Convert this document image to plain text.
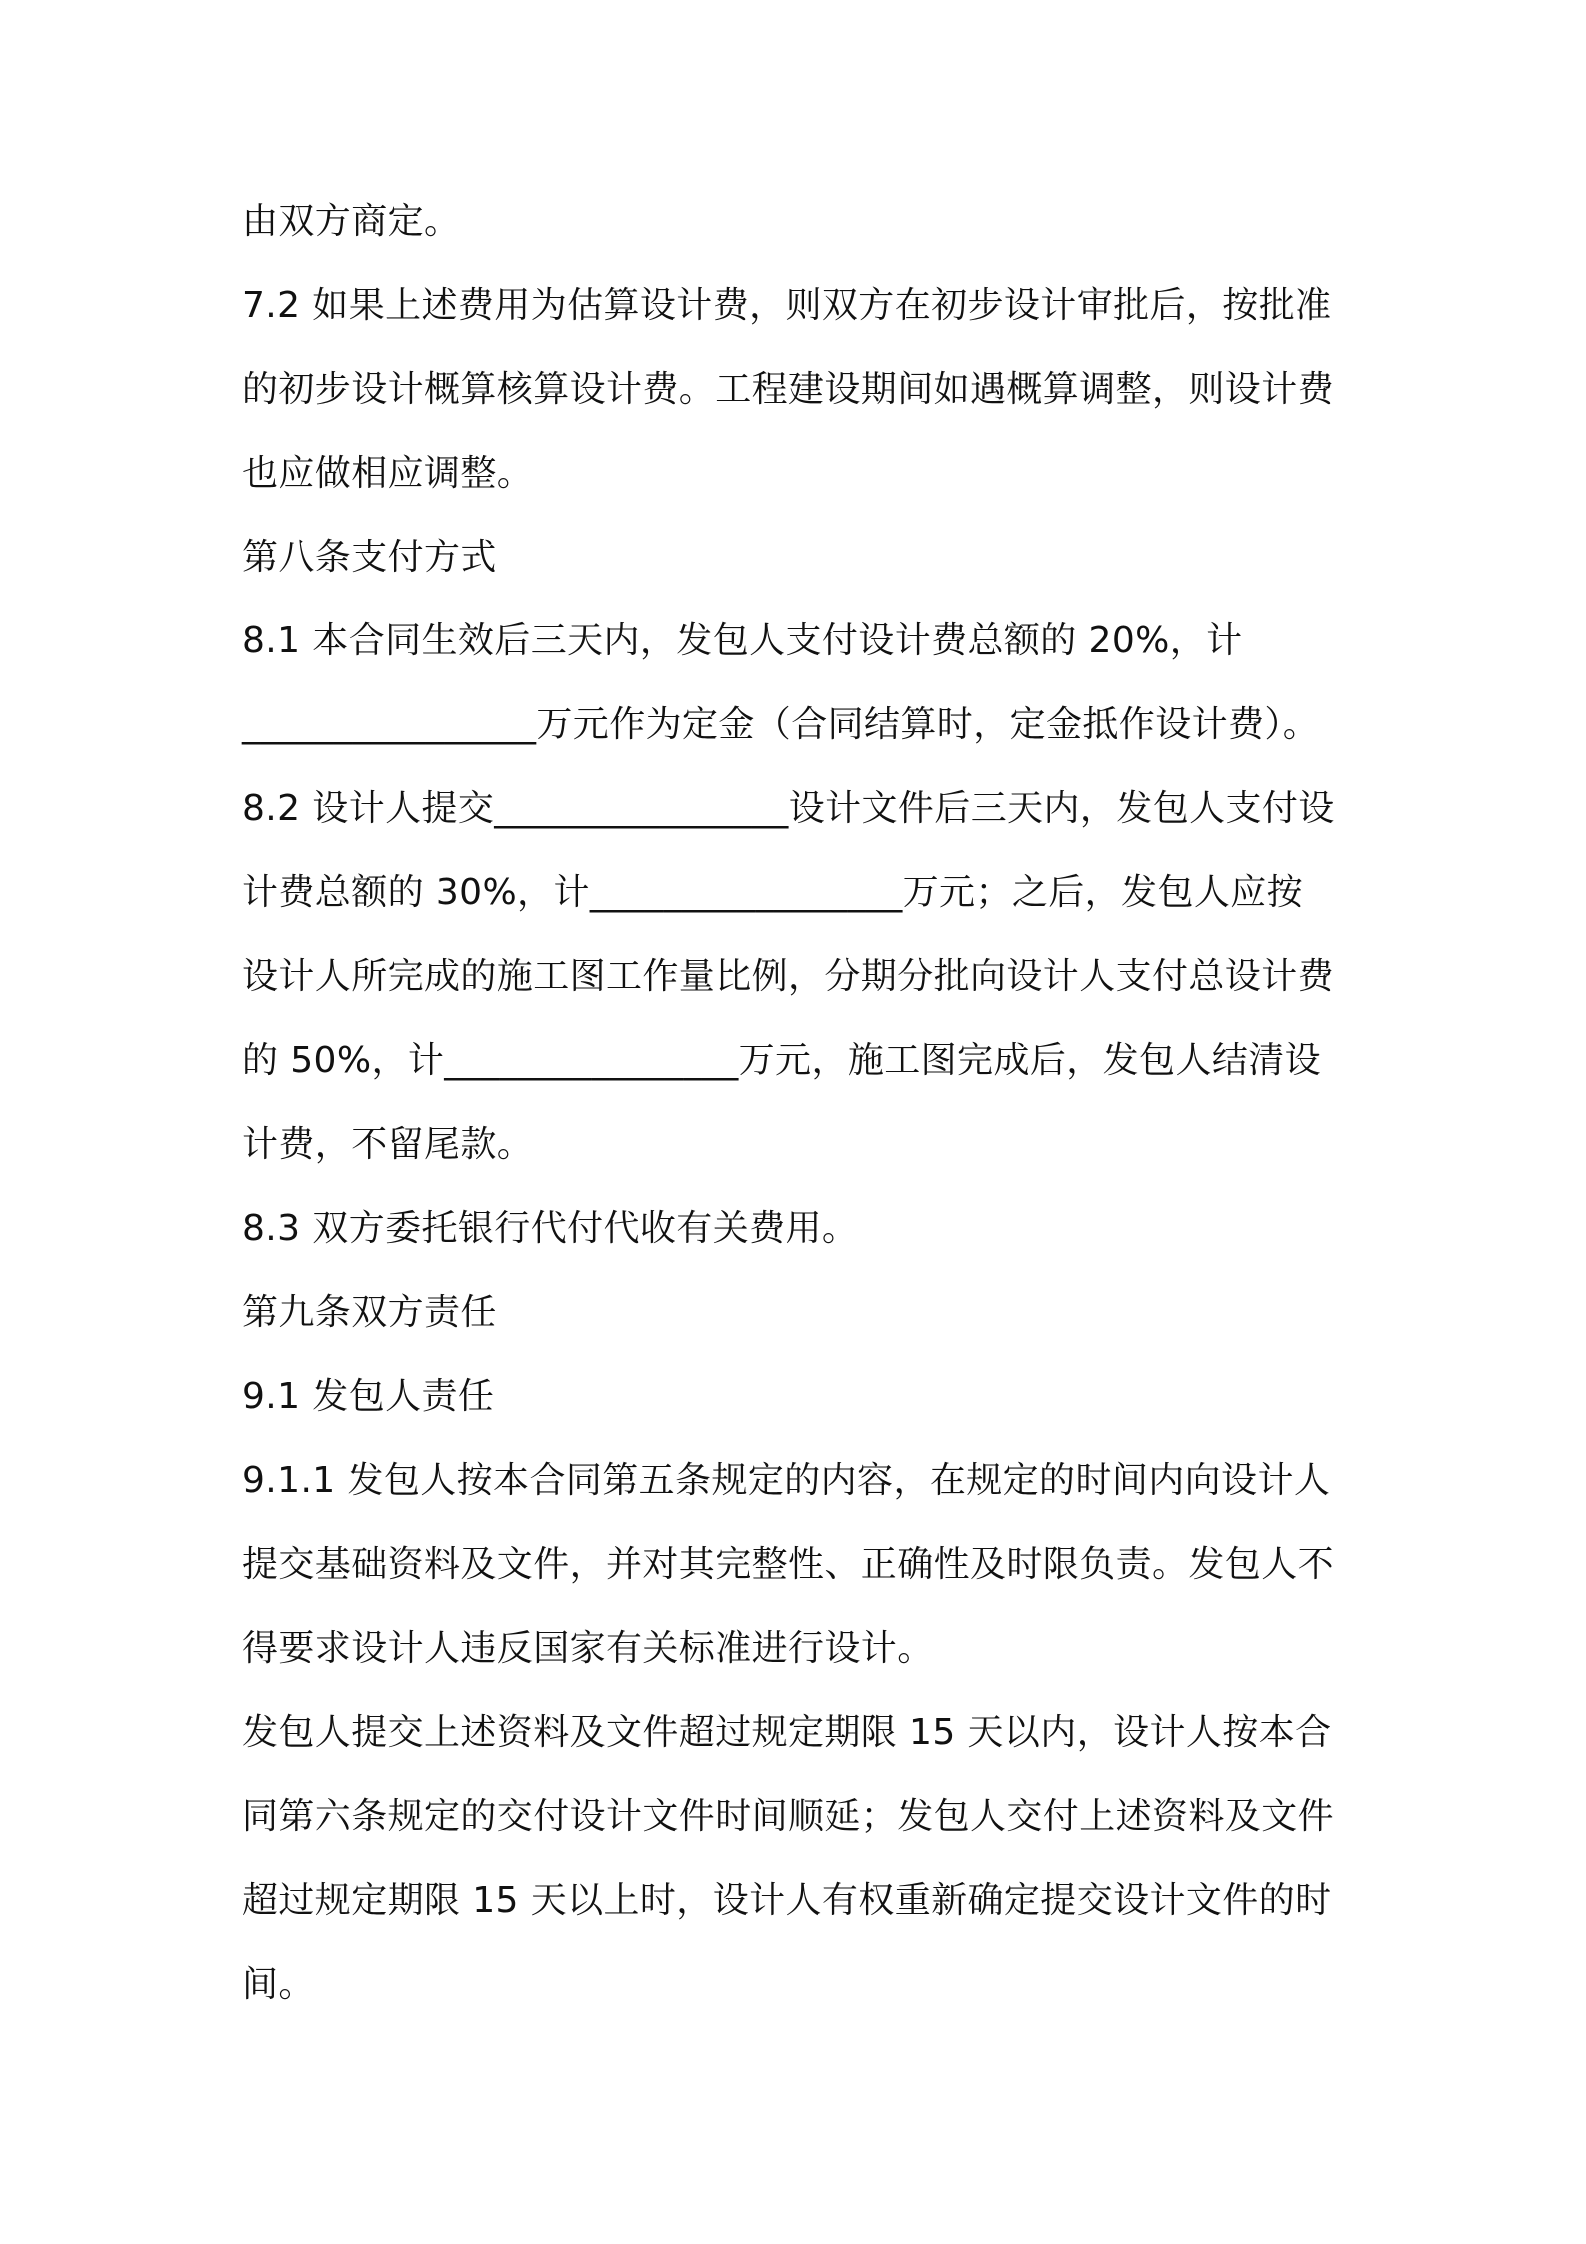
由双方商定。

7.2 如果上述费用为估算设计费，则双方在初步设计审批后，按批准

的初步设计概算核算设计费。工程建设期间如遇概算调整，则设计费

也应做相应调整。

第八条支付方式

8.1 本合同生效后三天内，发包人支付设计费总额的 20%，计

________________万元作为定金（合同结算时，定金抵作设计费）。

8.2 设计人提交________________设计文件后三天内，发包人支付设

计费总额的 30%，计_________________万元；之后，发包人应按

设计人所完成的施工图工作量比例，分期分批向设计人支付总设计费

的 50%，计________________万元，施工图完成后，发包人结清设

计费，不留尾款。

8.3 双方委托银行代付代收有关费用。

第九条双方责任

9.1 发包人责任

9.1.1 发包人按本合同第五条规定的内容，在规定的时间内向设计人

提交基础资料及文件，并对其完整性、正确性及时限负责。发包人不

得要求设计人违反国家有关标准进行设计。

发包人提交上述资料及文件超过规定期限 15 天以内，设计人按本合

同第六条规定的交付设计文件时间顺延；发包人交付上述资料及文件

超过规定期限 15 天以上时，设计人有权重新确定提交设计文件的时

间。
